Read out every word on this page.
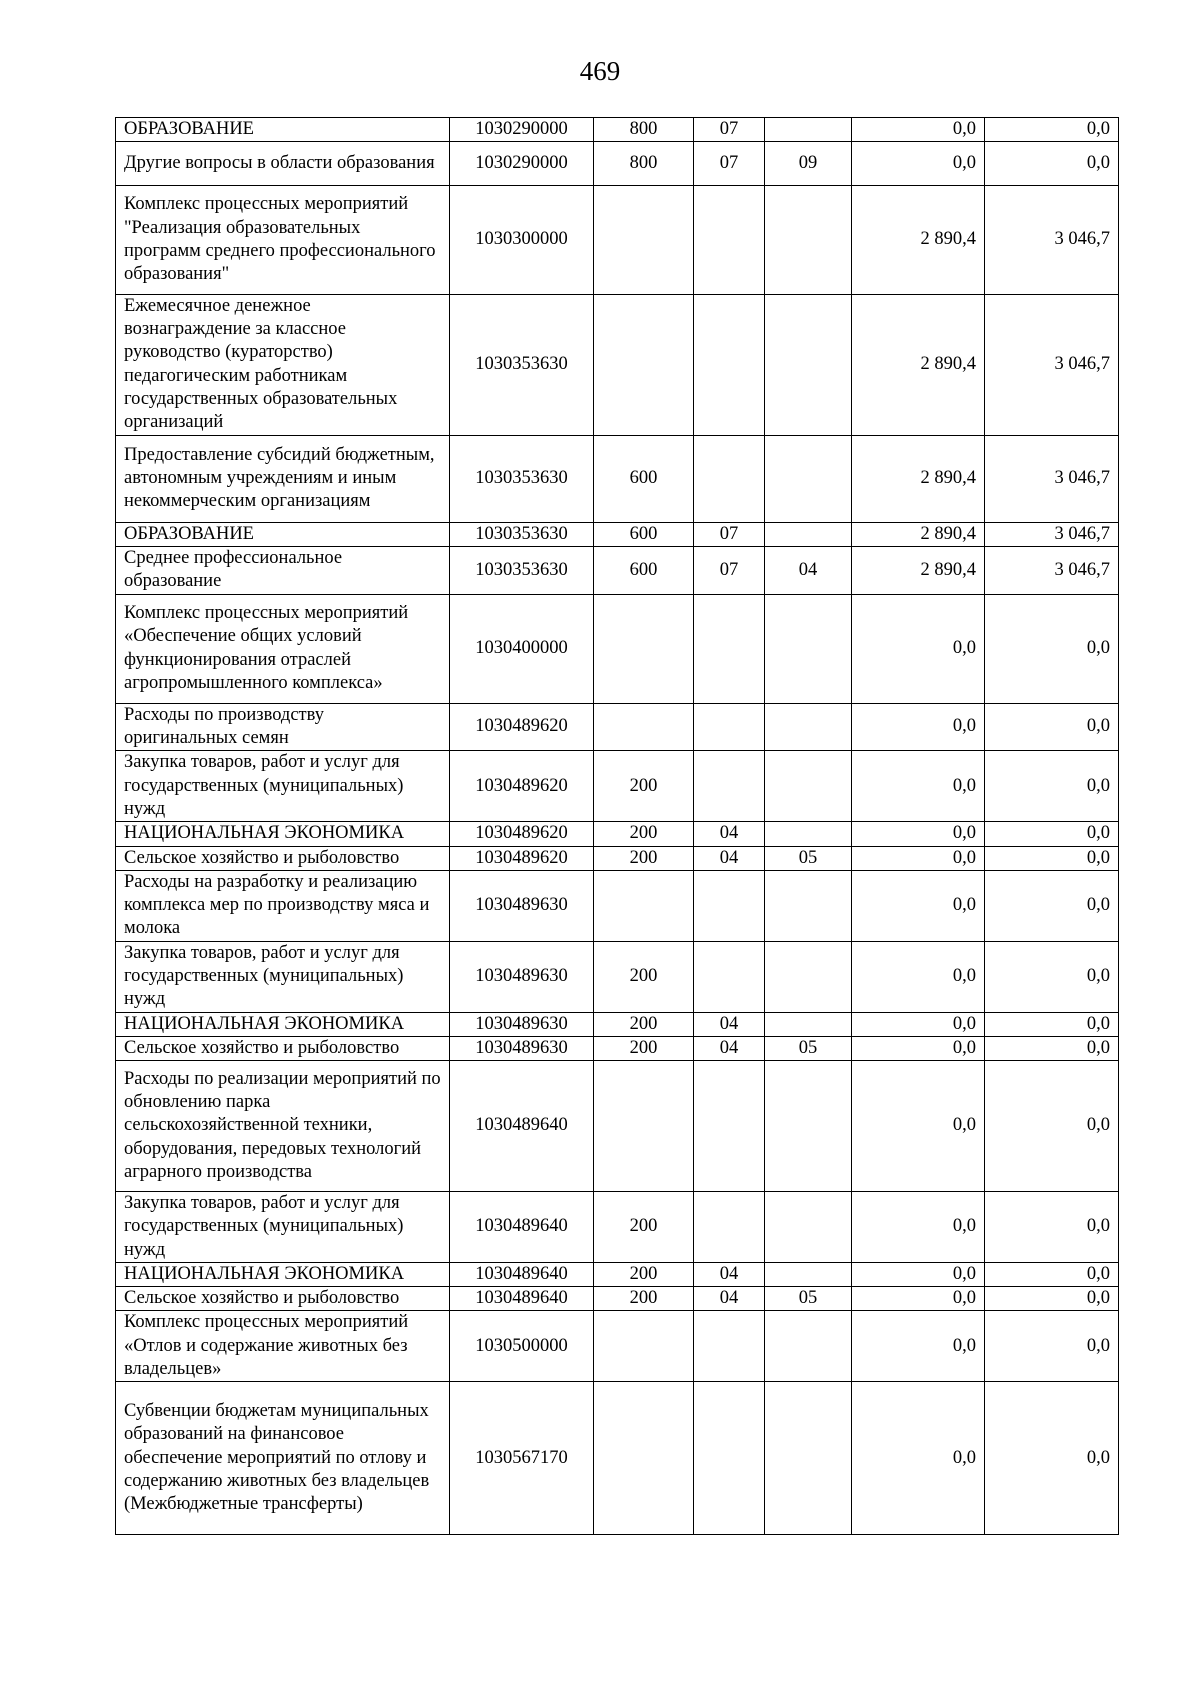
469
ОБРАЗОВАНИЕ	1030290000	800	07		0,0	0,0
Другие вопросы в области образования	1030290000	800	07	09	0,0	0,0
Комплекс процессных мероприятий "Реализация образовательных программ среднего профессионального образования"	1030300000				2 890,4	3 046,7
Ежемесячное денежное вознаграждение за классное руководство (кураторство) педагогическим работникам государственных образовательных организаций	1030353630				2 890,4	3 046,7
Предоставление субсидий бюджетным, автономным учреждениям и иным некоммерческим организациям	1030353630	600			2 890,4	3 046,7
ОБРАЗОВАНИЕ	1030353630	600	07		2 890,4	3 046,7
Среднее профессиональное образование	1030353630	600	07	04	2 890,4	3 046,7
Комплекс процессных мероприятий «Обеспечение общих условий функционирования отраслей агропромышленного комплекса»	1030400000				0,0	0,0
Расходы по производству оригинальных семян	1030489620				0,0	0,0
Закупка товаров, работ и услуг для государственных (муниципальных) нужд	1030489620	200			0,0	0,0
НАЦИОНАЛЬНАЯ ЭКОНОМИКА	1030489620	200	04		0,0	0,0
Сельское хозяйство и рыболовство	1030489620	200	04	05	0,0	0,0
Расходы на разработку и реализацию комплекса мер по производству мяса и молока	1030489630				0,0	0,0
Закупка товаров, работ и услуг для государственных (муниципальных) нужд	1030489630	200			0,0	0,0
НАЦИОНАЛЬНАЯ ЭКОНОМИКА	1030489630	200	04		0,0	0,0
Сельское хозяйство и рыболовство	1030489630	200	04	05	0,0	0,0
Расходы по реализации мероприятий по обновлению парка сельскохозяйственной техники, оборудования, передовых технологий аграрного производства	1030489640				0,0	0,0
Закупка товаров, работ и услуг для государственных (муниципальных) нужд	1030489640	200			0,0	0,0
НАЦИОНАЛЬНАЯ ЭКОНОМИКА	1030489640	200	04		0,0	0,0
Сельское хозяйство и рыболовство	1030489640	200	04	05	0,0	0,0
Комплекс процессных мероприятий «Отлов и содержание животных без владельцев»	1030500000				0,0	0,0
Субвенции бюджетам муниципальных образований на финансовое обеспечение мероприятий по отлову и содержанию животных без владельцев (Межбюджетные трансферты)	1030567170				0,0	0,0
